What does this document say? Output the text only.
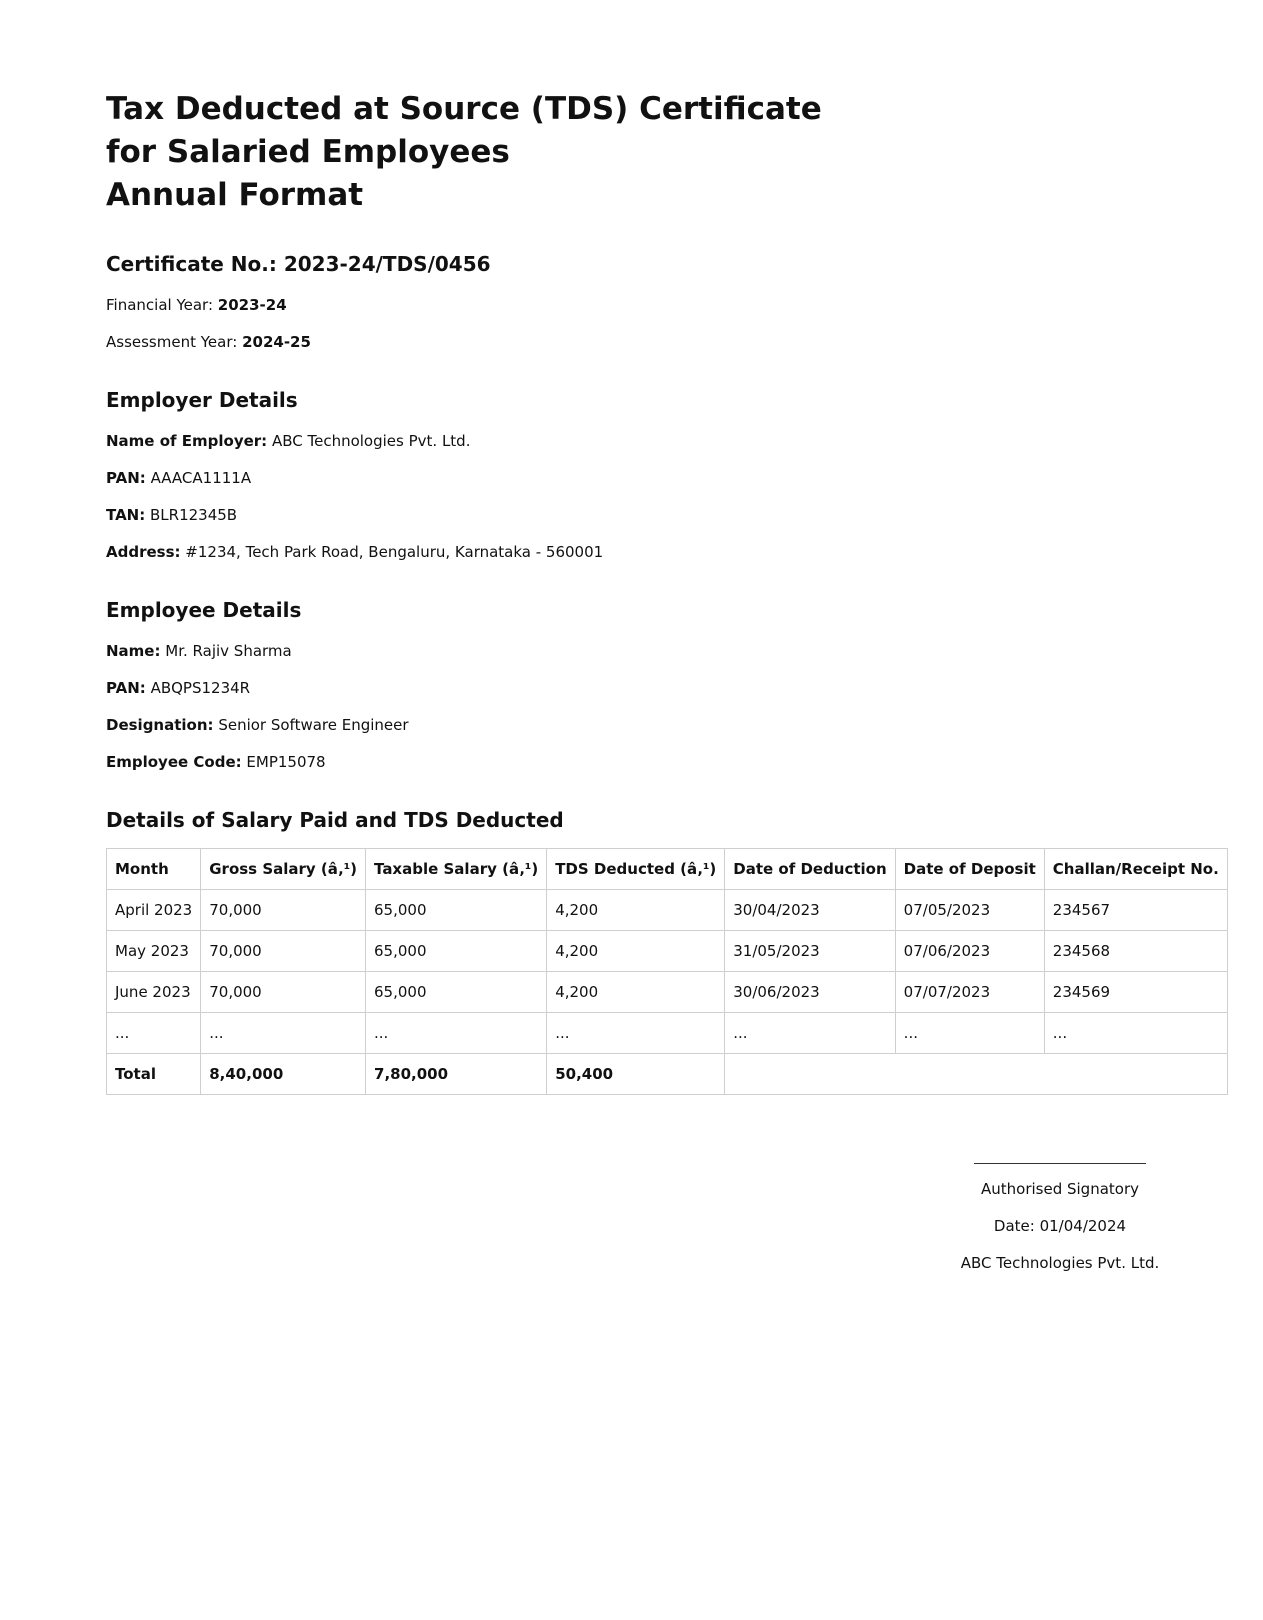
Tax Deducted at Source (TDS) Certificate
for Salaried Employees
Annual Format
Certificate No.: 2023-24/TDS/0456

Financial Year: 2023-24

Assessment Year: 2024-25

Employer Details

Name of Employer: ABC Technologies Pvt. Ltd.

PAN: AAACA1111A

TAN: BLR12345B

Address: #1234, Tech Park Road, Bengaluru, Karnataka - 560001

Employee Details

Name: Mr. Rajiv Sharma

PAN: ABQPS1234R

Designation: Senior Software Engineer

Employee Code: EMP15078

Details of Salary Paid and TDS Deducted
Month	Gross Salary (â‚¹)	Taxable Salary (â‚¹)	TDS Deducted (â‚¹)	Date of Deduction	Date of Deposit	Challan/Receipt No.
April 2023	70,000	65,000	4,200	30/04/2023	07/05/2023	234567
May 2023	70,000	65,000	4,200	31/05/2023	07/06/2023	234568
June 2023	70,000	65,000	4,200	30/06/2023	07/07/2023	234569
...	...	...	...	...	...	...
Total	8,40,000	7,80,000	50,400			

Authorised Signatory

Date: 01/04/2024

ABC Technologies Pvt. Ltd.
